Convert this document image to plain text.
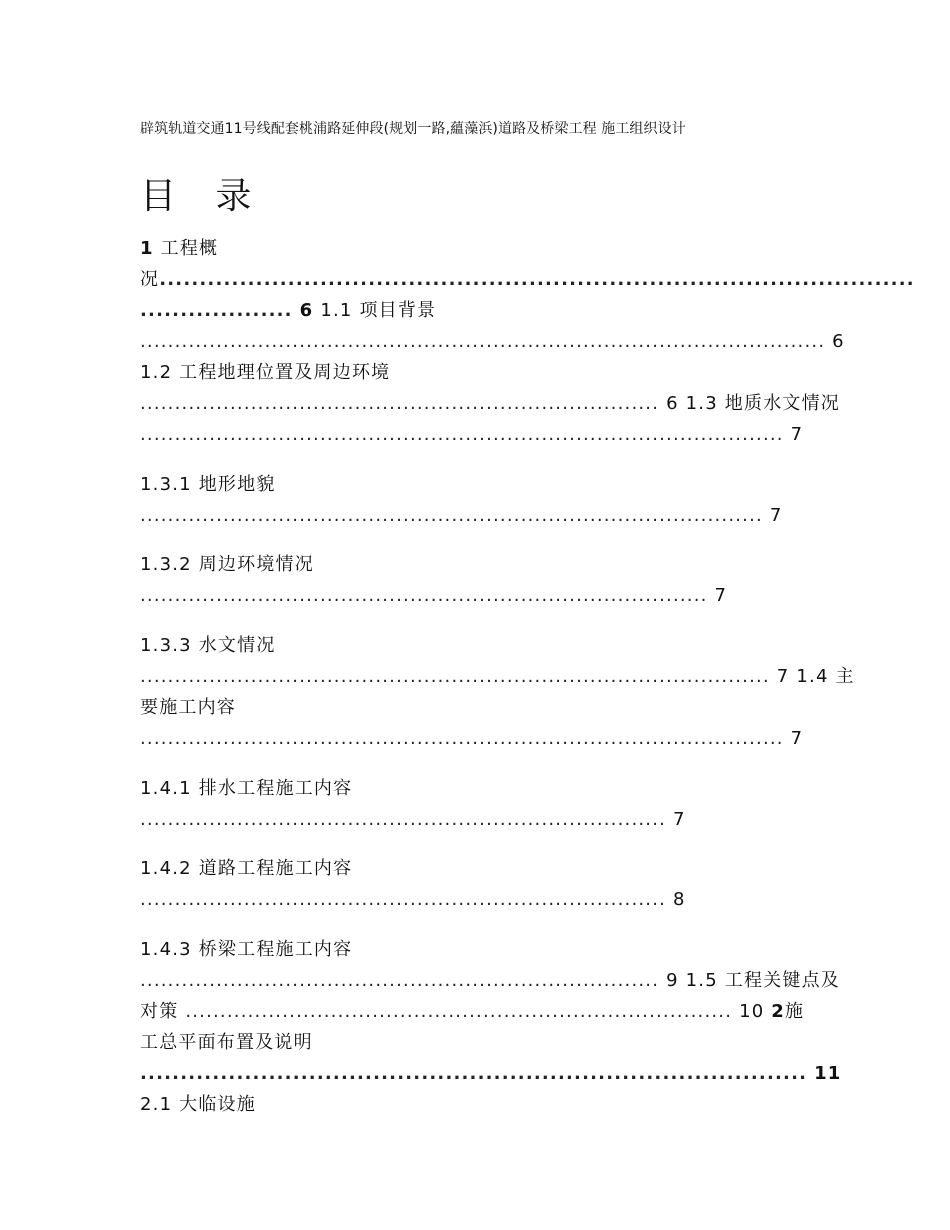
辟筑轨道交通11号线配套桃浦路延伸段(规划一路,蘊藻浜)道路及桥梁工程 施工组织设计
目 录
1 工程概
况..............................................................................................
................... 6 1.1 项目背景
................................................................................................... 6
1.2 工程地理位置及周边环境
........................................................................... 6 1.3 地质水文情况
............................................................................................. 7
1.3.1 地形地貌
.......................................................................................... 7
1.3.2 周边环境情况
.................................................................................. 7
1.3.3 水文情况
........................................................................................... 7 1.4 主
要施工内容
............................................................................................. 7
1.4.1 排水工程施工内容
............................................................................ 7
1.4.2 道路工程施工内容
............................................................................ 8
1.4.3 桥梁工程施工内容
........................................................................... 9 1.5 工程关键点及
对策 ............................................................................... 10 2施
工总平面布置及说明
................................................................................... 11
2.1 大临设施
